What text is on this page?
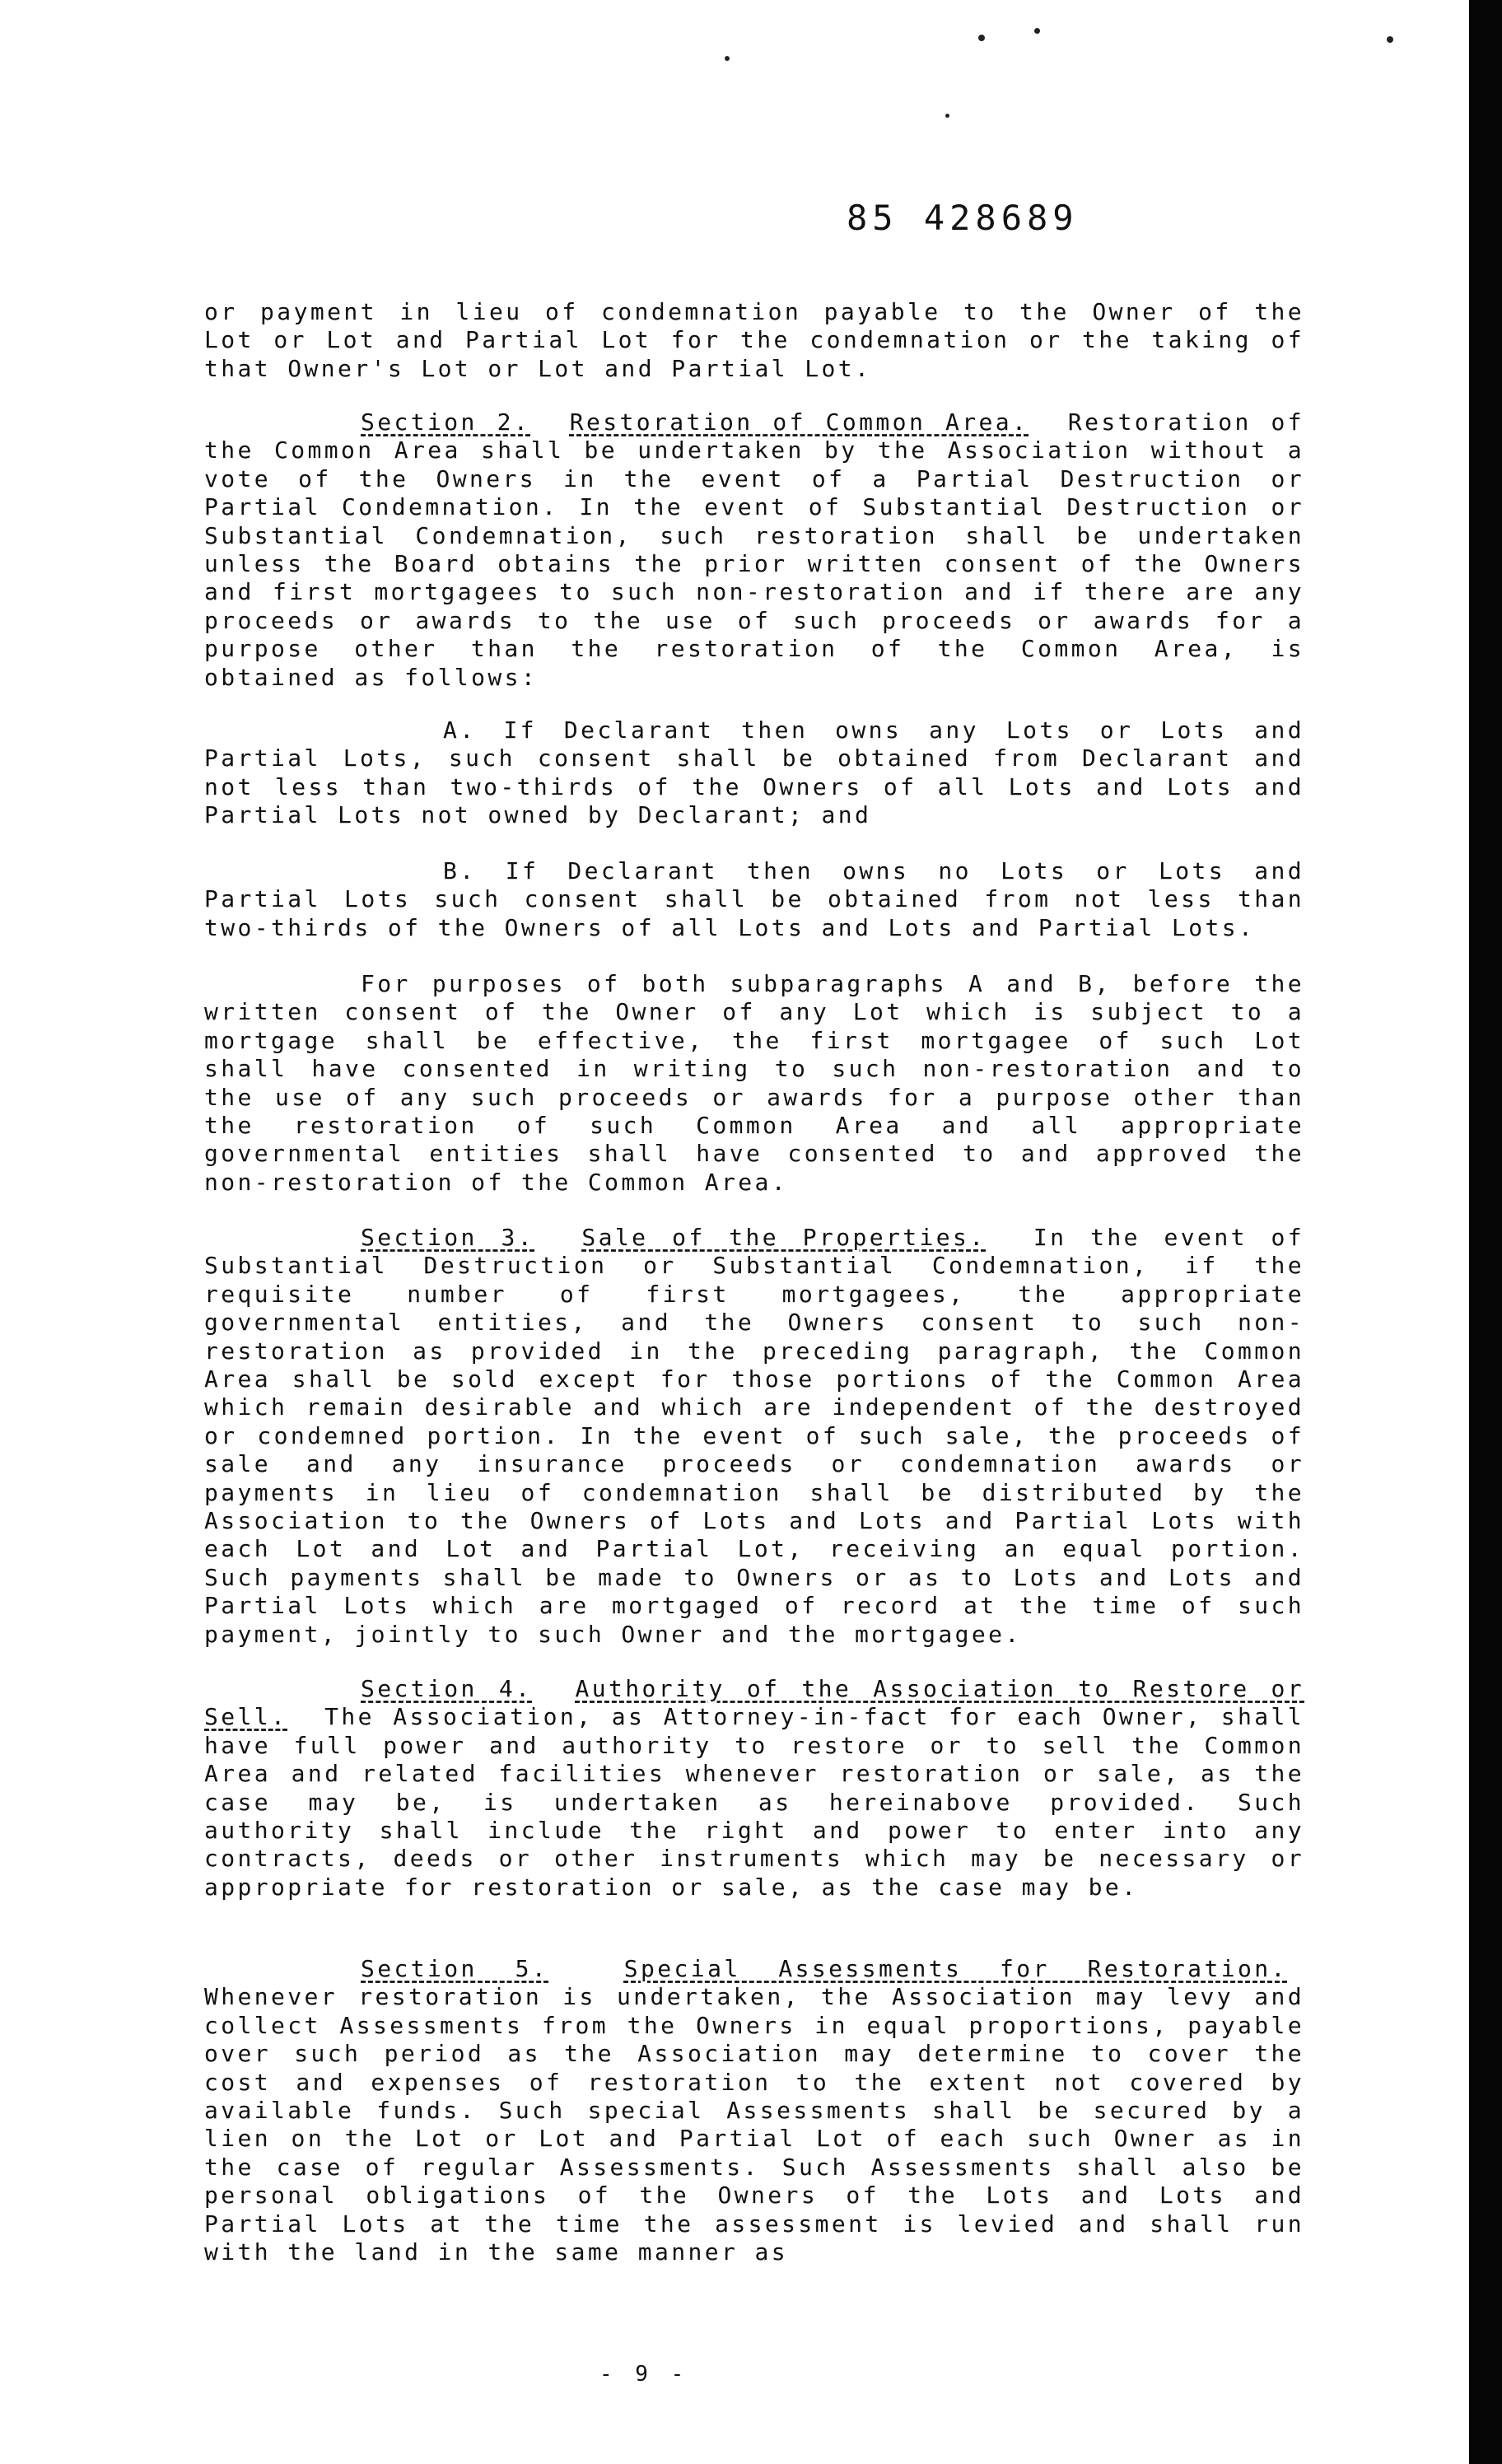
85 428689

or payment in lieu of condemnation payable to the Owner of the Lot or Lot and Partial Lot for the condemnation or the taking of that Owner's Lot or Lot and Partial Lot.

Section 2. Restoration of Common Area. Restoration of the Common Area shall be undertaken by the Association without a vote of the Owners in the event of a Partial Destruction or Partial Condemnation. In the event of Substantial Destruction or Substantial Condemnation, such restoration shall be undertaken unless the Board obtains the prior written consent of the Owners and first mortgagees to such non-restoration and if there are any proceeds or awards to the use of such proceeds or awards for a purpose other than the restoration of the Common Area, is obtained as follows:

A. If Declarant then owns any Lots or Lots and Partial Lots, such consent shall be obtained from Declarant and not less than two-thirds of the Owners of all Lots and Lots and Partial Lots not owned by Declarant; and

B. If Declarant then owns no Lots or Lots and Partial Lots such consent shall be obtained from not less than two-thirds of the Owners of all Lots and Lots and Partial Lots.

For purposes of both subparagraphs A and B, before the written consent of the Owner of any Lot which is subject to a mortgage shall be effective, the first mortgagee of such Lot shall have consented in writing to such non-restoration and to the use of any such proceeds or awards for a purpose other than the restoration of such Common Area and all appropriate governmental entities shall have consented to and approved the non-restoration of the Common Area.

Section 3. Sale of the Properties. In the event of Substantial Destruction or Substantial Condemnation, if the requisite number of first mortgagees, the appropriate governmental entities, and the Owners consent to such non-restoration as provided in the preceding paragraph, the Common Area shall be sold except for those portions of the Common Area which remain desirable and which are independent of the destroyed or condemned portion. In the event of such sale, the proceeds of sale and any insurance proceeds or condemnation awards or payments in lieu of condemnation shall be distributed by the Association to the Owners of Lots and Lots and Partial Lots with each Lot and Lot and Partial Lot, receiving an equal portion. Such payments shall be made to Owners or as to Lots and Lots and Partial Lots which are mortgaged of record at the time of such payment, jointly to such Owner and the mortgagee.

Section 4. Authority of the Association to Restore or Sell. The Association, as Attorney-in-fact for each Owner, shall have full power and authority to restore or to sell the Common Area and related facilities whenever restoration or sale, as the case may be, is undertaken as hereinabove provided. Such authority shall include the right and power to enter into any contracts, deeds or other instruments which may be necessary or appropriate for restoration or sale, as the case may be.

Section 5.	Special Assessments for Restoration.  Whenever restoration is undertaken, the Association may levy and collect Assessments from the Owners in equal proportions, payable over such period as the Association may determine to cover the cost and expenses of restoration to the extent not covered by available funds. Such special Assessments shall be secured by a lien on the Lot or Lot and Partial Lot of each such Owner as in the case of regular Assessments. Such Assessments shall also be personal obligations of the Owners of the Lots and Lots and Partial Lots at the time the assessment is levied and shall run with the land in the same manner as

- 9 -
